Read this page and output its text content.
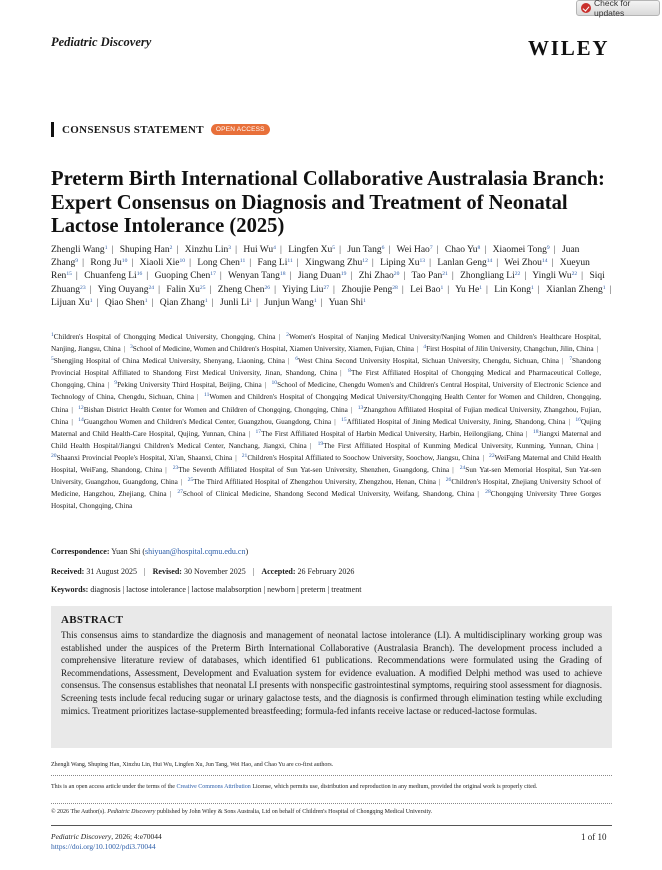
Check for updates
Pediatric Discovery	WILEY
CONSENSUS STATEMENT	OPEN ACCESS
Preterm Birth International Collaborative Australasia Branch: Expert Consensus on Diagnosis and Treatment of Neonatal Lactose Intolerance (2025)
Zhengli Wang$^1$ | Shuping Han$^2$ | Xinzhu Lin$^3$ | Hui Wu$^4$ | Lingfen Xu$^5$ | Jun Tang$^6$ | Wei Hao$^7$ | Chao Yu$^8$ | Xiaomei Tong$^9$ | Juan Zhang$^9$ | Rong Ju$^{10}$ | Xiaoli Xie$^{10}$ | Long Chen$^{11}$ | Fang Li$^{11}$ | Xingwang Zhu$^{12}$ | Liping Xu$^{13}$ | Lanlan Geng$^{14}$ | Wei Zhou$^{14}$ | Xueyun Ren$^{15}$ | Chuanfeng Li$^{16}$ | Guoping Chen$^{17}$ | Wenyan Tang$^{18}$ | Jiang Duan$^{19}$ | Zhi Zhao$^{20}$ | Tao Pan$^{21}$ | Zhongliang Li$^{22}$ | Yingli Wu$^{22}$ | Siqi Zhuang$^{23}$ | Ying Ouyang$^{24}$ | Falin Xu$^{25}$ | Zheng Chen$^{26}$ | Yiying Liu$^{27}$ | Zhoujie Peng$^{28}$ | Lei Bao$^1$ | Yu He$^1$ | Lin Kong$^1$ | Xianlan Zheng$^1$ | Lijuan Xu$^1$ | Qiao Shen$^1$ | Qian Zhang$^1$ | Junli Li$^1$ | Junjun Wang$^1$ | Yuan Shi$^1$
$^1$Children's Hospital of Chongqing Medical University, Chongqing, China | $^2$Women's Hospital of Nanjing Medical University/Nanjing Women and Children's Healthcare Hospital, Nanjing, Jiangsu, China | $^3$School of Medicine, Women and Children's Hospital, Xiamen University, Xiamen, Fujian, China | $^4$First Hospital of Jilin University, Changchun, Jilin, China | $^5$Shengjing Hospital of China Medical University, Shenyang, Liaoning, China | $^6$West China Second University Hospital, Sichuan University, Chengdu, Sichuan, China | $^7$Shandong Provincial Hospital Affiliated to Shandong First Medical University, Jinan, Shandong, China | $^8$The First Affiliated Hospital of Chongqing Medical and Pharmaceutical College, Chongqing, China | $^9$Peking University Third Hospital, Beijing, China | $^{10}$School of Medicine, Chengdu Women's and Children's Central Hospital, University of Electronic Science and Technology of China, Chengdu, Sichuan, China | $^{11}$Women and Children's Hospital of Chongqing Medical University/Chongqing Health Center for Women and Children, Chongqing, China | $^{12}$Bishan District Health Center for Women and Children of Chongqing, Chongqing, China | $^{13}$Zhangzhou Affiliated Hospital of Fujian medical University, Zhangzhou, Fujian, China | $^{14}$Guangzhou Women and Children's Medical Center, Guangzhou, Guangdong, China | $^{15}$Affiliated Hospital of Jining Medical University, Jining, Shandong, China | $^{16}$Qujing Maternal and Child Health-Care Hospital, Qujing, Yunnan, China | $^{17}$The First Affiliated Hospital of Harbin Medical University, Harbin, Heilongjiang, China | $^{18}$Jiangxi Maternal and Child Health Hospital/Jiangxi Children's Medical Center, Nanchang, Jiangxi, China | $^{19}$The First Affiliated Hospital of Kunming Medical University, Kunming, Yunnan, China | $^{20}$Shaanxi Provincial People's Hospital, Xi'an, Shaanxi, China | $^{21}$Children's Hospital Affiliated to Soochow University, Soochow, Jiangsu, China | $^{22}$WeiFang Maternal and Child Health Hospital, WeiFang, Shandong, China | $^{23}$The Seventh Affiliated Hospital of Sun Yat-sen University, Shenzhen, Guangdong, China | $^{24}$Sun Yat-sen Memorial Hospital, Sun Yat-sen University, Guangzhou, Guangdong, China | $^{25}$The Third Affiliated Hospital of Zhengzhou University, Zhengzhou, Henan, China | $^{26}$Children's Hospital, Zhejiang University School of Medicine, Hangzhou, Zhejiang, China | $^{27}$School of Clinical Medicine, Shandong Second Medical University, Weifang, Shandong, China | $^{28}$Chongqing University Three Gorges Hospital, Chongqing, China
Correspondence: Yuan Shi (shiyuan@hospital.cqmu.edu.cn)
Received: 31 August 2025 | Revised: 30 November 2025 | Accepted: 26 February 2026
Keywords: diagnosis | lactose intolerance | lactose malabsorption | newborn | preterm | treatment
ABSTRACT

This consensus aims to standardize the diagnosis and management of neonatal lactose intolerance (LI). A multidisciplinary working group was established under the auspices of the Preterm Birth International Collaborative (Australasia Branch). The development process included a comprehensive literature review of databases, which identified 61 publications. Recommendations were formulated using the Grading of Recommendations, Assessment, Development and Evaluation system for evidence evaluation. A modified Delphi method was used to achieve consensus. The consensus establishes that neonatal LI presents with nonspecific gastrointestinal symptoms, requiring stool assessment for diagnosis. Screening tests include fecal reducing sugar or urinary galactose tests, and the diagnosis is confirmed through elimination testing while excluding mimics. Treatment prioritizes lactase-supplemented breastfeeding; formula-fed infants receive lactase or reduced-lactose formulas.

Zhengli Wang, Shuping Han, Xinzhu Lin, Hui Wu, Lingfen Xu, Jun Tang, Wei Hao, and Chao Yu are co-first authors.
This is an open access article under the terms of the Creative Commons Attribution License, which permits use, distribution and reproduction in any medium, provided the original work is properly cited.
© 2026 The Author(s). Pediatric Discovery published by John Wiley & Sons Australia, Ltd on behalf of Children's Hospital of Chongqing Medical University.
Pediatric Discovery, 2026; 4:e70044
https://doi.org/10.1002/pdi3.70044
1 of 10
